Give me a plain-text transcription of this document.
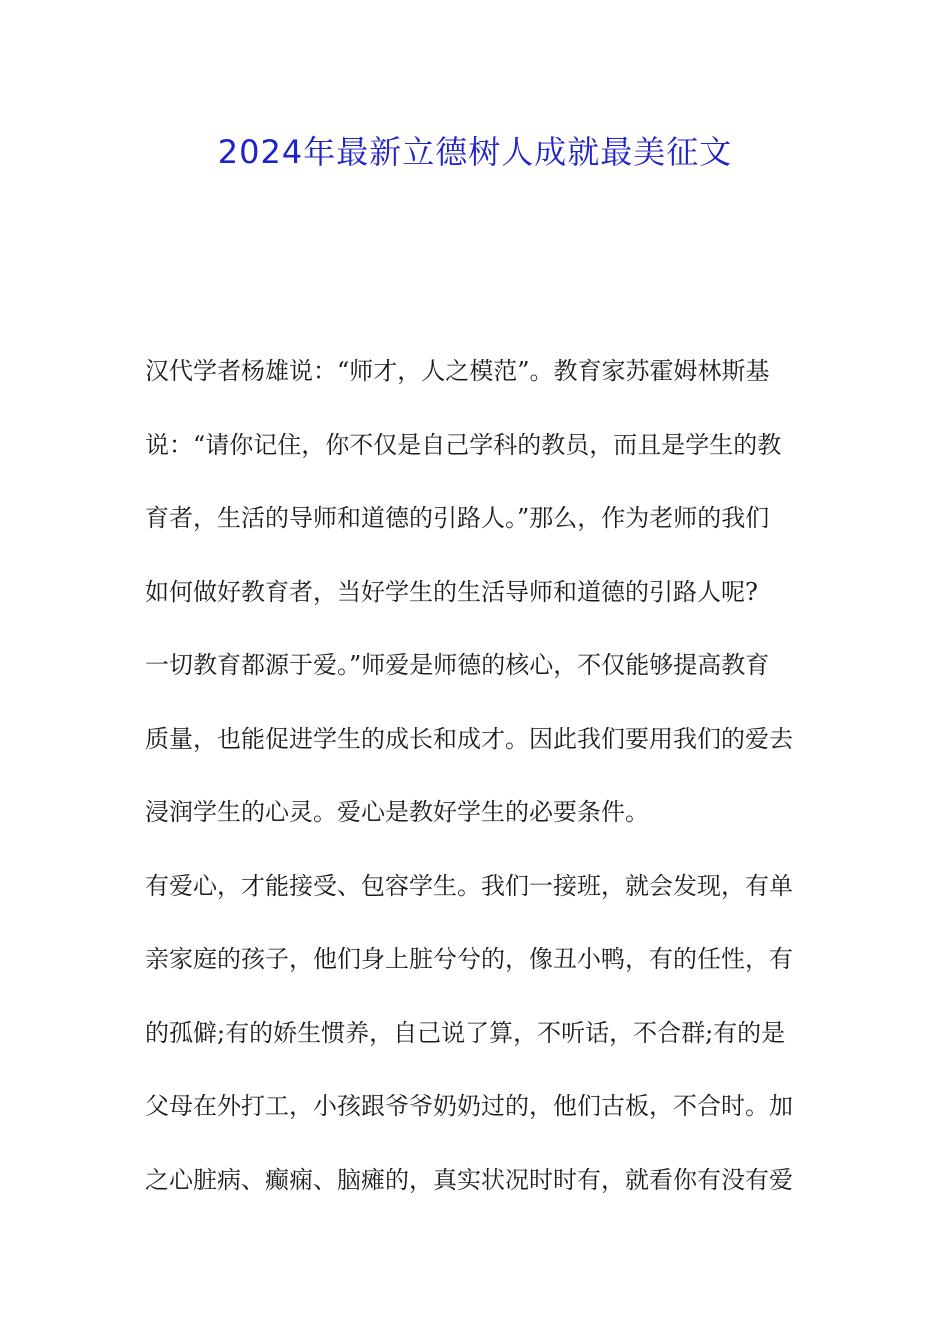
2024年最新立德树人成就最美征文
汉代学者杨雄说：“师才，人之模范”。教育家苏霍姆林斯基
说：“请你记住，你不仅是自己学科的教员，而且是学生的教
育者，生活的导师和道德的引路人。”那么，作为老师的我们
如何做好教育者，当好学生的生活导师和道德的引路人呢?
一切教育都源于爱。”师爱是师德的核心，不仅能够提高教育
质量，也能促进学生的成长和成才。因此我们要用我们的爱去
浸润学生的心灵。爱心是教好学生的必要条件。
有爱心，才能接受、包容学生。我们一接班，就会发现，有单
亲家庭的孩子，他们身上脏兮兮的，像丑小鸭，有的任性，有
的孤僻;有的娇生惯养，自己说了算，不听话，不合群;有的是
父母在外打工，小孩跟爷爷奶奶过的，他们古板，不合时。加
之心脏病、癫痫、脑瘫的，真实状况时时有，就看你有没有爱
